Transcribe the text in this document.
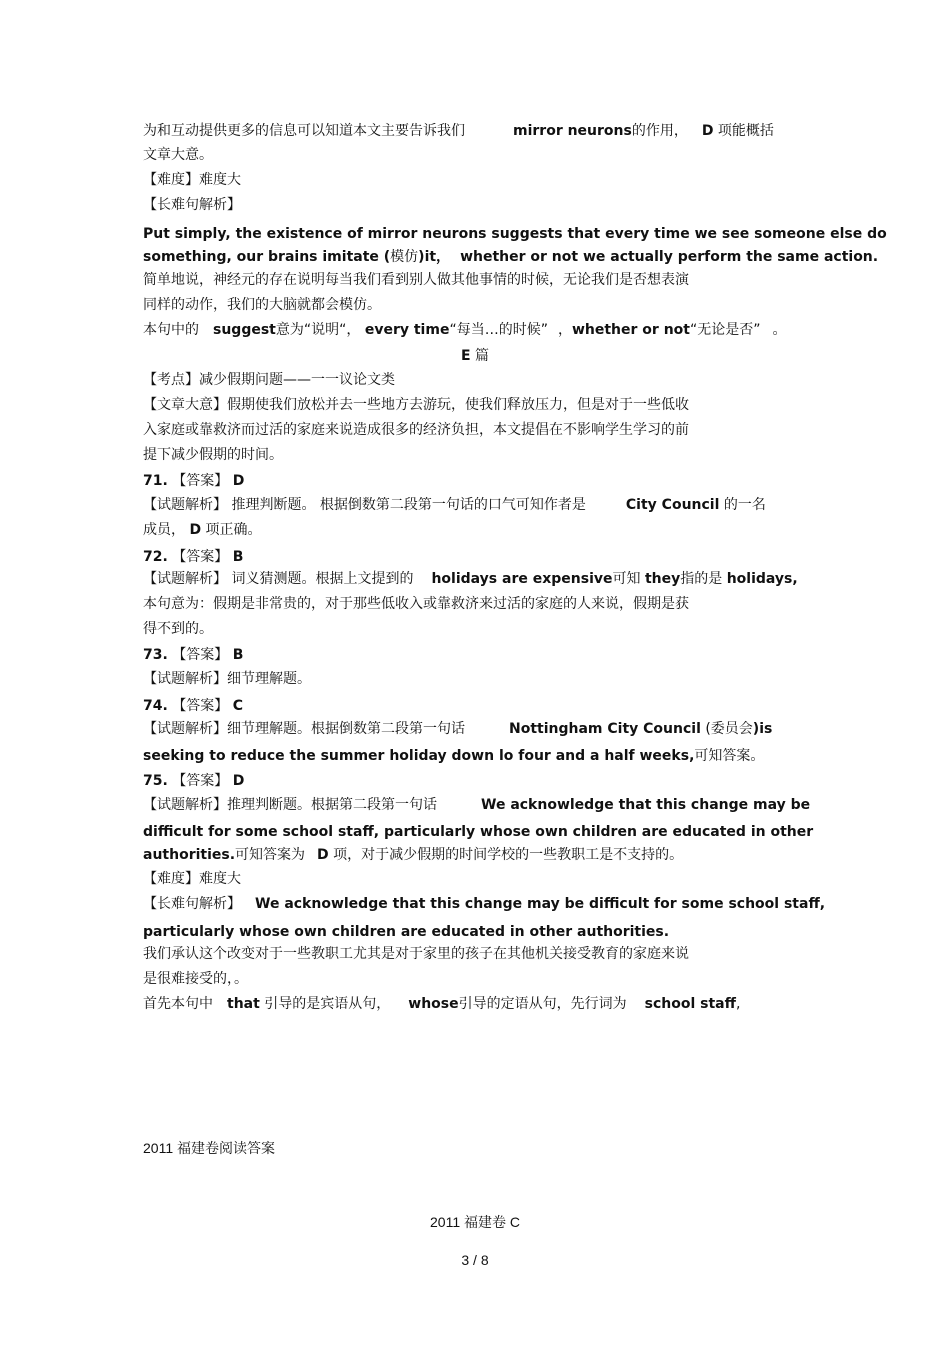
为和互动提供更多的信息可以知道本文主要告诉我们	mirror neurons的作用， D 项能概括
文章大意。
【难度】难度大
【长难句解析】
Put simply, the existence of mirror neurons suggests that every time we see someone else do
something, our brains imitate (模仿)it， whether or not we actually perform the same action.
简单地说，神经元的存在说明每当我们看到别人做其他事情的时候，无论我们是否想表演
同样的动作，我们的大脑就都会模仿。
本句中的 suggest意为“说明“， every time“每当…的时候” ，whether or not“无论是否” 。
E 篇
【考点】减少假期问题——一一议论文类
【文章大意】假期使我们放松并去一些地方去游玩，使我们释放压力，但是对于一些低收
入家庭或靠救济而过活的家庭来说造成很多的经济负担，本文提倡在不影响学生学习的前
提下减少假期的时间。
71. 【答案】 D
【试题解析】 推理判断题。 根据倒数第二段第一句话的口气可知作者是	City Council 的一名
成员， D 项正确。
72. 【答案】 B
【试题解析】 词义猜测题。根据上文提到的 holidays are expensive可知 they指的是 holidays,
本句意为：假期是非常贵的，对于那些低收入或靠救济来过活的家庭的人来说，假期是获
得不到的。
73. 【答案】 B
【试题解析】细节理解题。
74. 【答案】 C
【试题解析】细节理解题。根据倒数第二段第一句话	Nottingham City Council (委员会)is
seeking to reduce the summer holiday down lo four and a half weeks,可知答案。
75. 【答案】 D
【试题解析】推理判断题。根据第二段第一句话	We acknowledge that this change may be
difficult for some school staff, particularly whose own children are educated in other
authorities.可知答案为 D 项，对于减少假期的时间学校的一些教职工是不支持的。
【难度】难度大
【长难句解析】 We acknowledge that this change may be difficult for some school staff,
particularly whose own children are educated in other authorities.
我们承认这个改变对于一些教职工尤其是对于家里的孩子在其他机关接受教育的家庭来说
是很难接受的，。
首先本句中 that 引导的是宾语从句， whose引导的定语从句，先行词为 school staff,
2011 福建卷阅读答案
2011 福建卷 C
3 / 8
